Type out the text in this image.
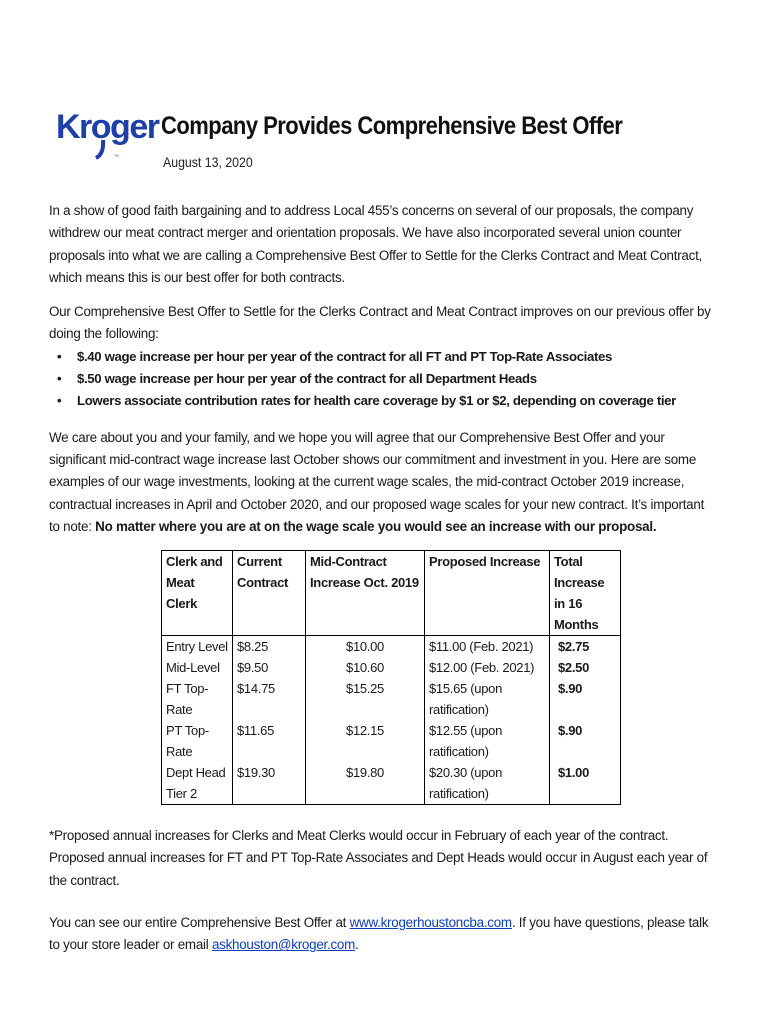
Kroger
™
Company Provides Comprehensive Best Offer
August 13, 2020

In a show of good faith bargaining and to address Local 455’s concerns on several of our proposals, the company withdrew our meat contract merger and orientation proposals. We have also incorporated several union counter proposals into what we are calling a Comprehensive Best Offer to Settle for the Clerks Contract and Meat Contract, which means this is our best offer for both contracts.

Our Comprehensive Best Offer to Settle for the Clerks Contract and Meat Contract improves on our previous offer by doing the following:

• $.40 wage increase per hour per year of the contract for all FT and PT Top-Rate Associates
• $.50 wage increase per hour per year of the contract for all Department Heads
• Lowers associate contribution rates for health care coverage by $1 or $2, depending on coverage tier

We care about you and your family, and we hope you will agree that our Comprehensive Best Offer and your significant mid-contract wage increase last October shows our commitment and investment in you. Here are some examples of our wage investments, looking at the current wage scales, the mid-contract October 2019 increase, contractual increases in April and October 2020, and our proposed wage scales for your new contract. It’s important to note: No matter where you are at on the wage scale you would see an increase with our proposal.

Clerk and Meat Clerk	Current Contract	Mid-Contract Increase Oct. 2019	Proposed Increase	Total Increase in 16 Months
Entry Level	$8.25	$10.00	$11.00 (Feb. 2021)	$2.75
Mid-Level	$9.50	$10.60	$12.00 (Feb. 2021)	$2.50
FT Top-Rate	$14.75	$15.25	$15.65 (upon ratification)	$.90
PT Top-Rate	$11.65	$12.15	$12.55 (upon ratification)	$.90
Dept Head Tier 2	$19.30	$19.80	$20.30 (upon ratification)	$1.00

*Proposed annual increases for Clerks and Meat Clerks would occur in February of each year of the contract. Proposed annual increases for FT and PT Top-Rate Associates and Dept Heads would occur in August each year of the contract.

You can see our entire Comprehensive Best Offer at www.krogerhoustoncba.com. If you have questions, please talk to your store leader or email askhouston@kroger.com.
